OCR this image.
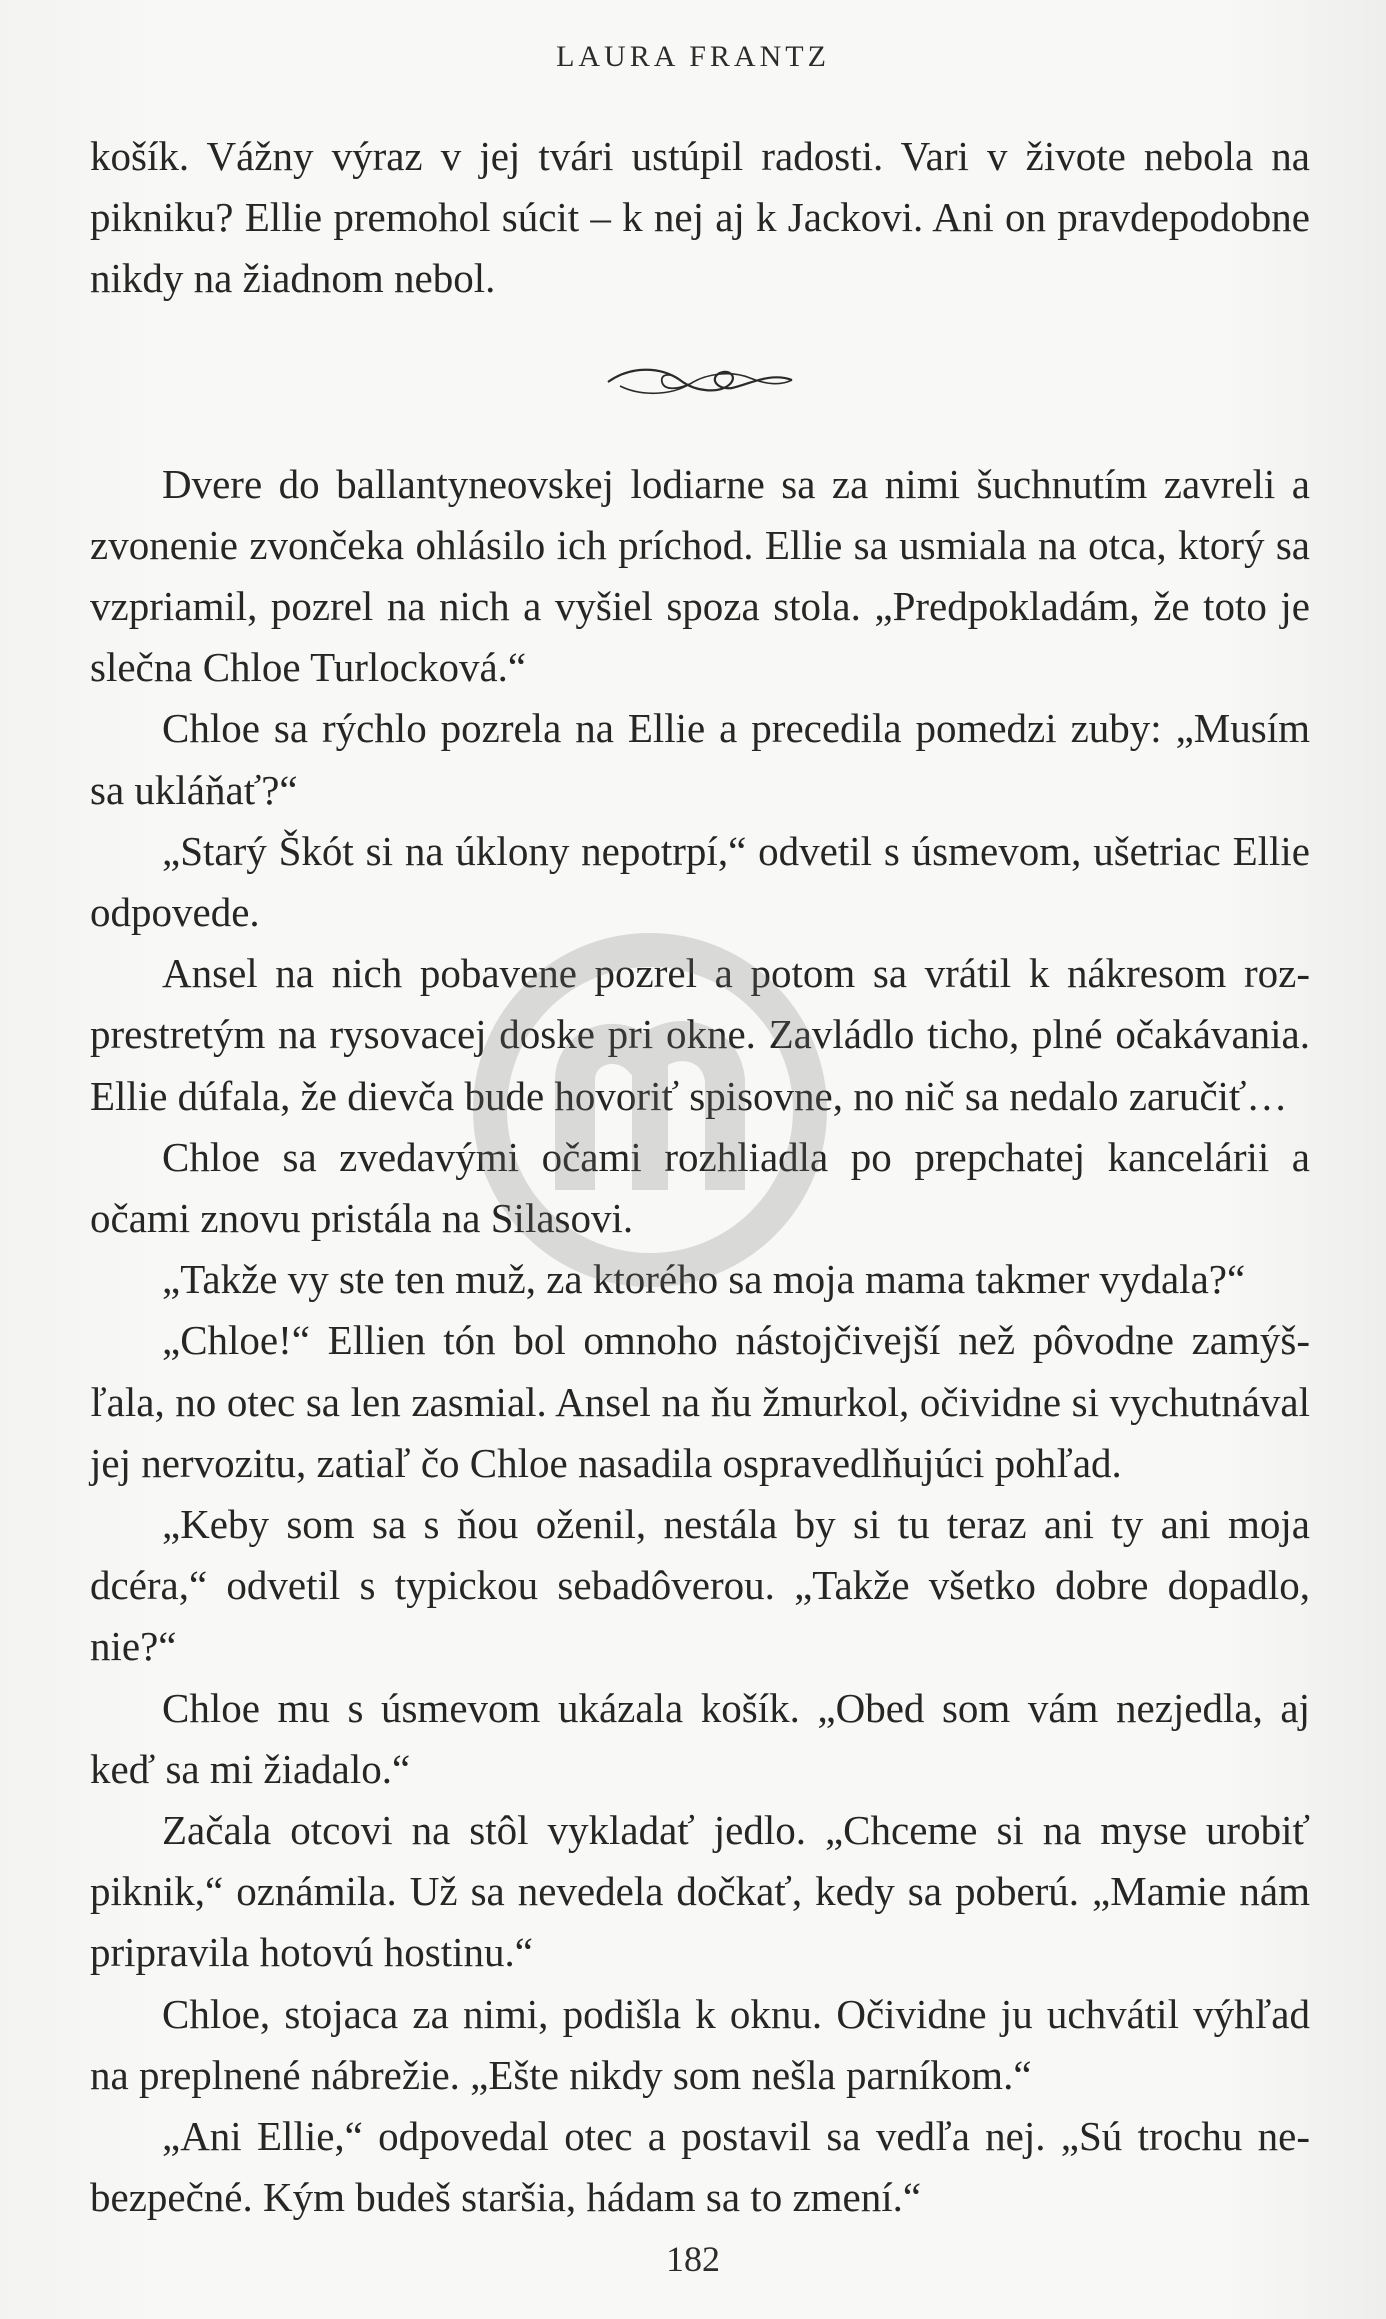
LAURA FRANTZ

košík. Vážny výraz v jej tvári ustúpil radosti. Vari v živote nebola na pikniku? Ellie premohol súcit – k nej aj k Jackovi. Ani on pravdepodobne nikdy na žiadnom nebol.

Dvere do ballantyneovskej lodiarne sa za nimi šuchnutím zavreli a zvonenie zvončeka ohlásilo ich príchod. Ellie sa usmiala na otca, ktorý sa vzpriamil, pozrel na nich a vyšiel spoza stola. „Predpokladám, že toto je slečna Chloe Turlocková.“

Chloe sa rýchlo pozrela na Ellie a precedila pomedzi zuby: „Musím sa ukláňať?“

„Starý Škót si na úklony nepotrpí,“ odvetil s úsmevom, ušetriac Ellie odpovede.

Ansel na nich pobavene pozrel a potom sa vrátil k nákresom rozprestretým na rysovacej doske pri okne. Zavládlo ticho, plné očakávania. Ellie dúfala, že dievča bude hovoriť spisovne, no nič sa nedalo zaručiť…

Chloe sa zvedavými očami rozhliadla po prepchatej kancelárii a očami znovu pristála na Silasovi.

„Takže vy ste ten muž, za ktorého sa moja mama takmer vydala?“

„Chloe!“ Ellien tón bol omnoho nástojčivejší než pôvodne zamýšľala, no otec sa len zasmial. Ansel na ňu žmurkol, očividne si vychutnával jej nervozitu, zatiaľ čo Chloe nasadila ospravedlňujúci pohľad.

„Keby som sa s ňou oženil, nestála by si tu teraz ani ty ani moja dcéra,“ odvetil s typickou sebadôverou. „Takže všetko dobre dopadlo, nie?“

Chloe mu s úsmevom ukázala košík. „Obed som vám nezjedla, aj keď sa mi žiadalo.“

Začala otcovi na stôl vykladať jedlo. „Chceme si na myse urobiť piknik,“ oznámila. Už sa nevedela dočkať, kedy sa poberú. „Mamie nám pripravila hotovú hostinu.“

Chloe, stojaca za nimi, podišla k oknu. Očividne ju uchvátil výhľad na preplnené nábrežie. „Ešte nikdy som nešla parníkom.“

„Ani Ellie,“ odpovedal otec a postavil sa vedľa nej. „Sú trochu nebezpečné. Kým budeš staršia, hádam sa to zmení.“

182
